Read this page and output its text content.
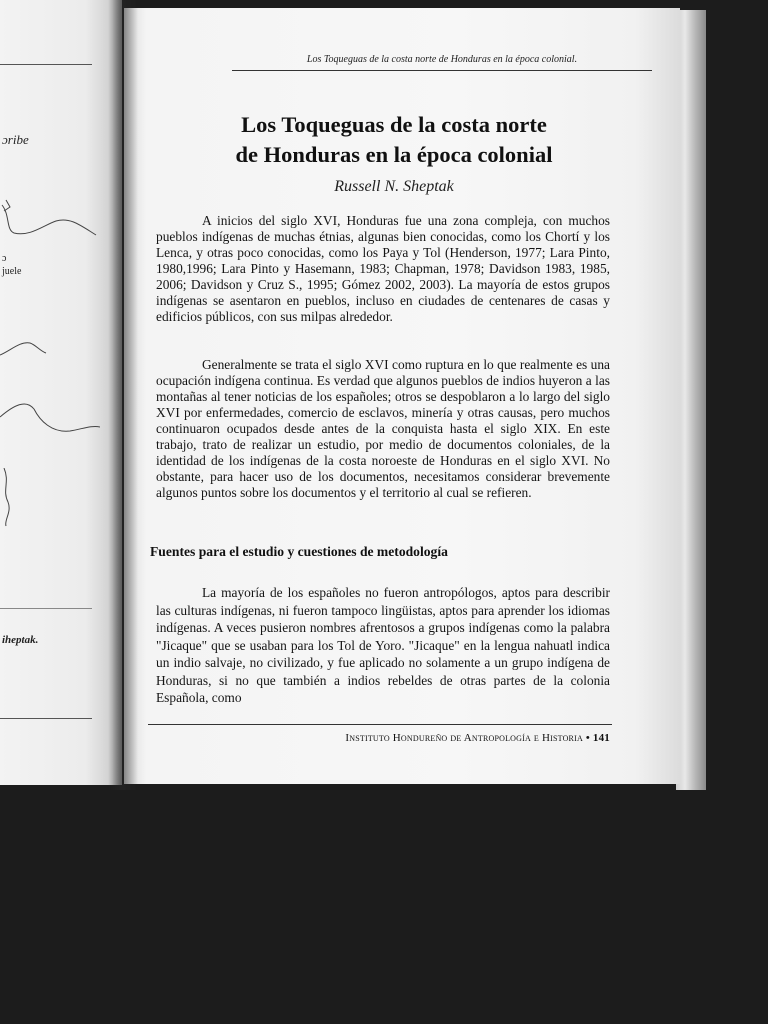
ɔribe
ɔ
juele
iheptak.
Los Toqueguas de la costa norte de Honduras en la época colonial.
Los Toqueguas de la costa norte
de Honduras en la época colonial
Russell N. Sheptak

A inicios del siglo XVI, Honduras fue una zona compleja, con muchos pueblos indígenas de muchas étnias, algunas bien conocidas, como los Chortí y los Lenca, y otras poco conocidas, como los Paya y Tol (Henderson, 1977; Lara Pinto, 1980,1996; Lara Pinto y Hasemann, 1983; Chapman, 1978; Davidson 1983, 1985, 2006; Davidson y Cruz S., 1995; Gómez 2002, 2003). La mayoría de estos grupos indígenas se asentaron en pueblos, incluso en ciudades de centenares de casas y edificios públicos, con sus milpas alrededor.

Generalmente se trata el siglo XVI como ruptura en lo que realmente es una ocupación indígena continua. Es verdad que algunos pueblos de indios huyeron a las montañas al tener noticias de los españoles; otros se despoblaron a lo largo del siglo XVI por enfermedades, comercio de esclavos, minería y otras causas, pero muchos continuaron ocupados desde antes de la conquista hasta el siglo XIX. En este trabajo, trato de realizar un estudio, por medio de documentos coloniales, de la identidad de los indígenas de la costa noroeste de Honduras en el siglo XVI. No obstante, para hacer uso de los documentos, necesitamos considerar brevemente algunos puntos sobre los documentos y el territorio al cual se refieren.

Fuentes para el estudio y cuestiones de metodología

La mayoría de los españoles no fueron antropólogos, aptos para describir las culturas indígenas, ni fueron tampoco lingüistas, aptos para aprender los idiomas indígenas. A veces pusieron nombres afrentosos a grupos indígenas como la palabra "Jicaque" que se usaban para los Tol de Yoro. "Jicaque" en la lengua nahuatl indica un indio salvaje, no civilizado, y fue aplicado no solamente a un grupo indígena de Honduras, si no que también a indios rebeldes de otras partes de la colonia Española, como

Instituto Hondureño de Antropología e Historia • 141
